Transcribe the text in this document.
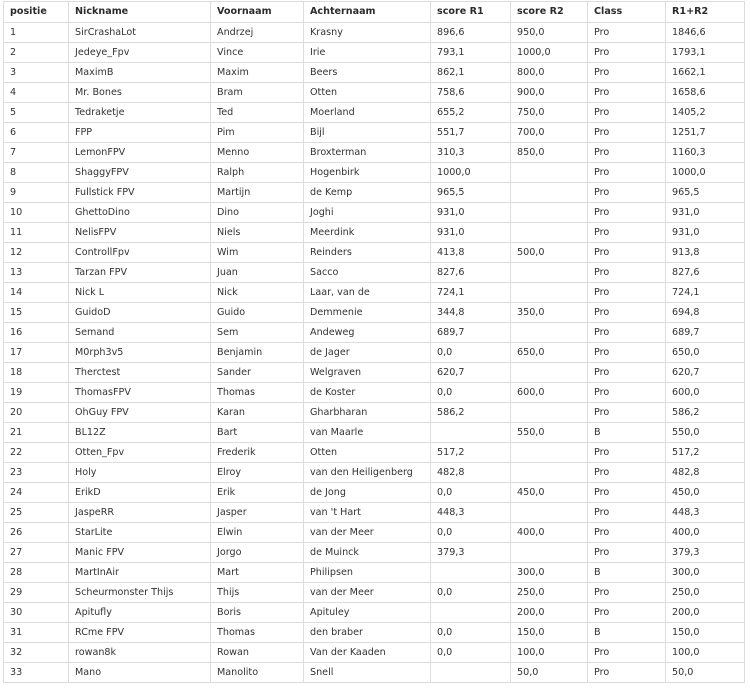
positie	Nickname	Voornaam	Achternaam	score R1	score R2	Class	R1+R2
1	SirCrashaLot	Andrzej	Krasny	896,6	950,0	Pro	1846,6
2	Jedeye_Fpv	Vince	Irie	793,1	1000,0	Pro	1793,1
3	MaximB	Maxim	Beers	862,1	800,0	Pro	1662,1
4	Mr. Bones	Bram	Otten	758,6	900,0	Pro	1658,6
5	Tedraketje	Ted	Moerland	655,2	750,0	Pro	1405,2
6	FPP	Pim	Bijl	551,7	700,0	Pro	1251,7
7	LemonFPV	Menno	Broxterman	310,3	850,0	Pro	1160,3
8	ShaggyFPV	Ralph	Hogenbirk	1000,0		Pro	1000,0
9	Fullstick FPV	Martijn	de Kemp	965,5		Pro	965,5
10	GhettoDino	Dino	Joghi	931,0		Pro	931,0
11	NelisFPV	Niels	Meerdink	931,0		Pro	931,0
12	ControllFpv	Wim	Reinders	413,8	500,0	Pro	913,8
13	Tarzan FPV	Juan	Sacco	827,6		Pro	827,6
14	Nick L	Nick	Laar, van de	724,1		Pro	724,1
15	GuidoD	Guido	Demmenie	344,8	350,0	Pro	694,8
16	Semand	Sem	Andeweg	689,7		Pro	689,7
17	M0rph3v5	Benjamin	de Jager	0,0	650,0	Pro	650,0
18	Therctest	Sander	Welgraven	620,7		Pro	620,7
19	ThomasFPV	Thomas	de Koster	0,0	600,0	Pro	600,0
20	OhGuy FPV	Karan	Gharbharan	586,2		Pro	586,2
21	BL12Z	Bart	van Maarle		550,0	B	550,0
22	Otten_Fpv	Frederik	Otten	517,2		Pro	517,2
23	Holy	Elroy	van den Heiligenberg	482,8		Pro	482,8
24	ErikD	Erik	de Jong	0,0	450,0	Pro	450,0
25	JaspeRR	Jasper	van 't Hart	448,3		Pro	448,3
26	StarLite	Elwin	van der Meer	0,0	400,0	Pro	400,0
27	Manic FPV	Jorgo	de Muinck	379,3		Pro	379,3
28	MartInAir	Mart	Philipsen		300,0	B	300,0
29	Scheurmonster Thijs	Thijs	van der Meer	0,0	250,0	Pro	250,0
30	Apitufly	Boris	Apituley		200,0	Pro	200,0
31	RCme FPV	Thomas	den braber	0,0	150,0	B	150,0
32	rowan8k	Rowan	Van der Kaaden	0,0	100,0	Pro	100,0
33	Mano	Manolito	Snell		50,0	Pro	50,0
